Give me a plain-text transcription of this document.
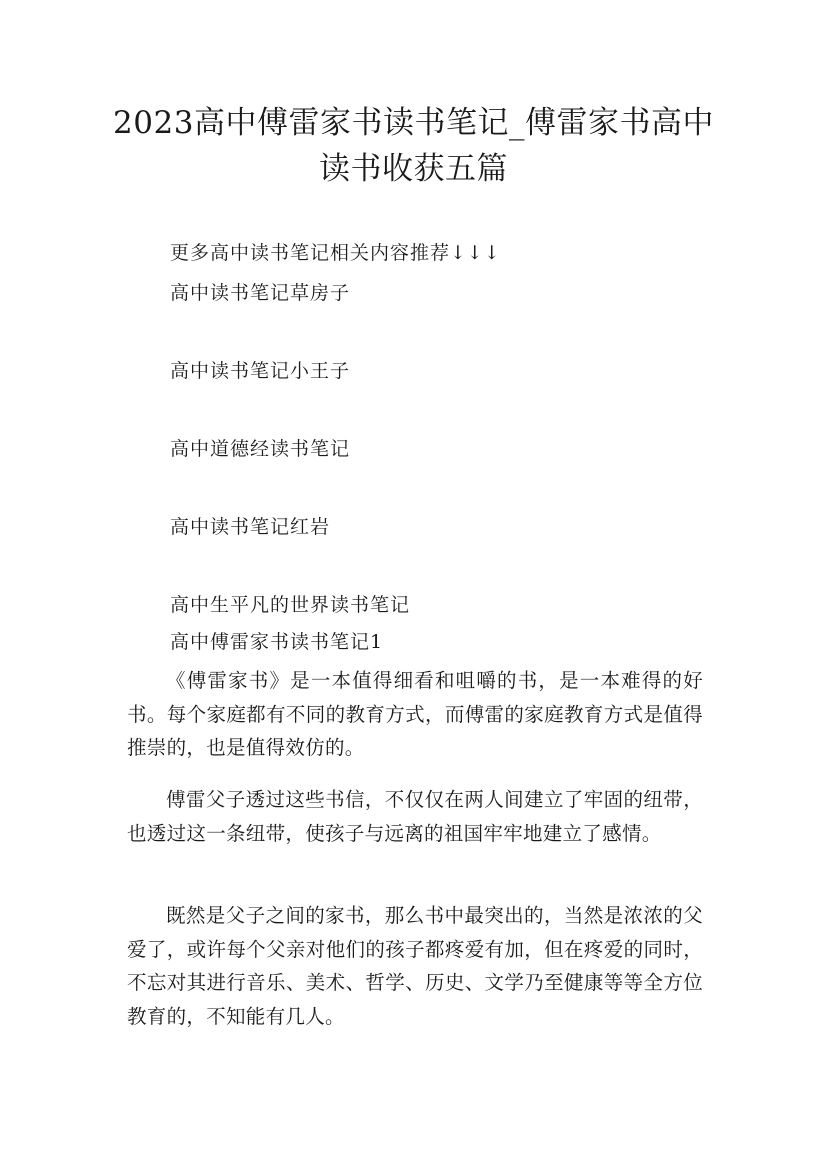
2023高中傅雷家书读书笔记_傅雷家书高中读书收获五篇
更多高中读书笔记相关内容推荐↓↓↓
高中读书笔记草房子
高中读书笔记小王子
高中道德经读书笔记
高中读书笔记红岩
高中生平凡的世界读书笔记
高中傅雷家书读书笔记1

《傅雷家书》是一本值得细看和咀嚼的书，是一本难得的好书。每个家庭都有不同的教育方式，而傅雷的家庭教育方式是值得推崇的，也是值得效仿的。

傅雷父子透过这些书信，不仅仅在两人间建立了牢固的纽带，也透过这一条纽带，使孩子与远离的祖国牢牢地建立了感情。

既然是父子之间的家书，那么书中最突出的，当然是浓浓的父爱了，或许每个父亲对他们的孩子都疼爱有加，但在疼爱的同时，不忘对其进行音乐、美术、哲学、历史、文学乃至健康等等全方位教育的，不知能有几人。
